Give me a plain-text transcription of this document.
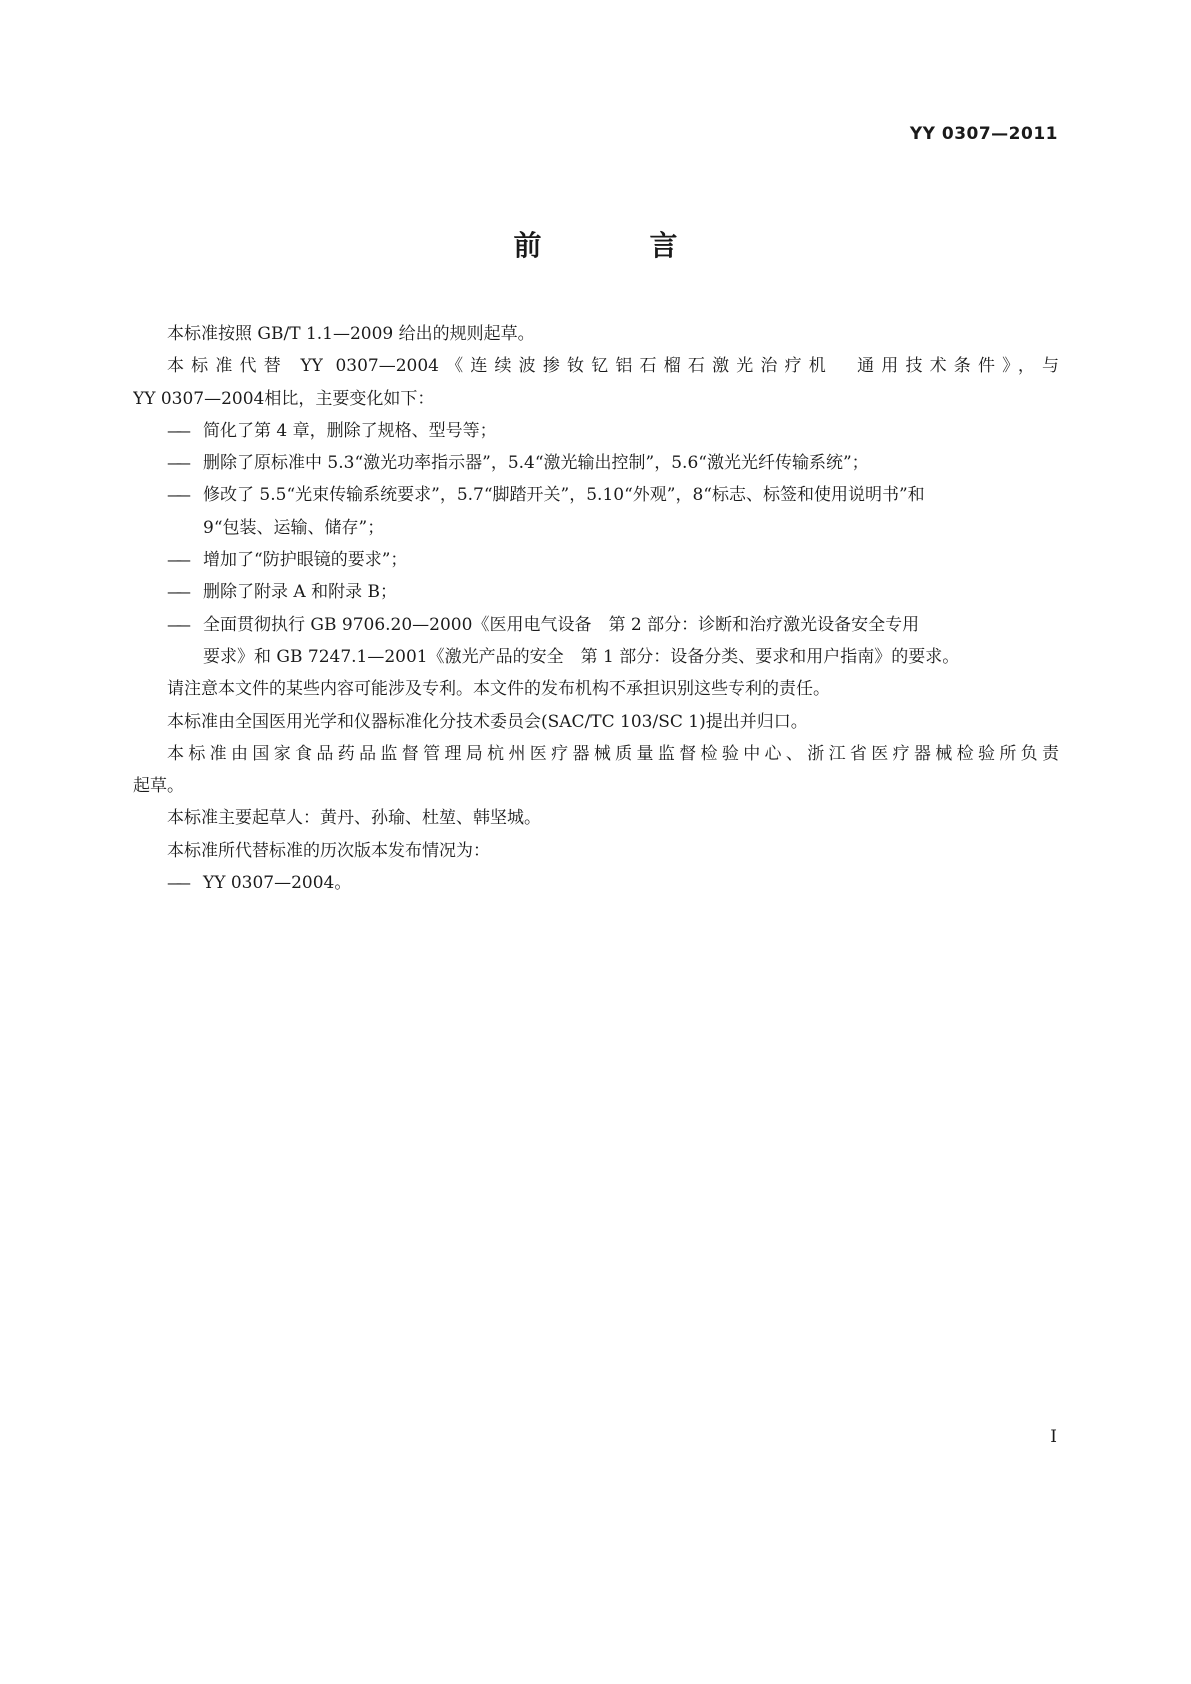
YY 0307—2011
前　言

本标准按照 GB/T 1.1—2009 给出的规则起草。

本标准代替 YY 0307—2004《连续波掺钕钇铝石榴石激光治疗机　通用技术条件》，与

YY 0307—2004相比，主要变化如下：

——
简化了第 4 章，删除了规格、型号等；

——
删除了原标准中 5.3“激光功率指示器”，5.4“激光输出控制”，5.6“激光光纤传输系统”；

——
修改了 5.5“光束传输系统要求”，5.7“脚踏开关”，5.10“外观”，8“标志、标签和使用说明书”和
9“包装、运输、储存”；

——
增加了“防护眼镜的要求”；

——
删除了附录 A 和附录 B；

——
全面贯彻执行 GB 9706.20—2000《医用电气设备　第 2 部分：诊断和治疗激光设备安全专用
要求》和 GB 7247.1—2001《激光产品的安全　第 1 部分：设备分类、要求和用户指南》的要求。

请注意本文件的某些内容可能涉及专利。本文件的发布机构不承担识别这些专利的责任。

本标准由全国医用光学和仪器标准化分技术委员会(SAC/TC 103/SC 1)提出并归口。

本标准由国家食品药品监督管理局杭州医疗器械质量监督检验中心、浙江省医疗器械检验所负责

起草。

本标准主要起草人：黄丹、孙瑜、杜堃、韩坚城。

本标准所代替标准的历次版本发布情况为：

——
YY 0307—2004。

I
